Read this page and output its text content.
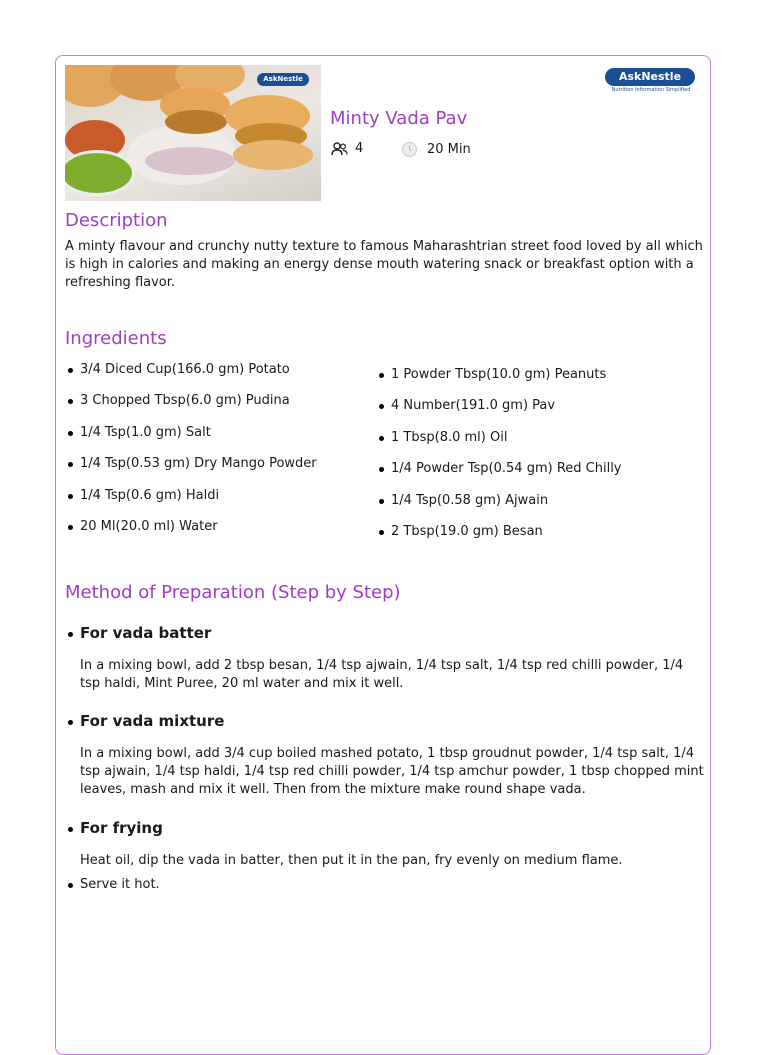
AskNestle	AskNestle
Nutrition Information Simplified
Minty Vada Pav
4	20 Min
Description
A minty flavour and crunchy nutty texture to famous Maharashtrian street food loved by all which is high in calories and making an energy dense mouth watering snack or breakfast option with a refreshing flavor.
Ingredients
3/4 Diced Cup(166.0 gm) Potato
3 Chopped Tbsp(6.0 gm) Pudina
1/4 Tsp(1.0 gm) Salt
1/4 Tsp(0.53 gm) Dry Mango Powder
1/4 Tsp(0.6 gm) Haldi
20 Ml(20.0 ml) Water
1 Powder Tbsp(10.0 gm) Peanuts
4 Number(191.0 gm) Pav
1 Tbsp(8.0 ml) Oil
1/4 Powder Tsp(0.54 gm) Red Chilly
1/4 Tsp(0.58 gm) Ajwain
2 Tbsp(19.0 gm) Besan
Method of Preparation (Step by Step)
For vada batter
In a mixing bowl, add 2 tbsp besan, 1/4 tsp ajwain, 1/4 tsp salt, 1/4 tsp red chilli powder, 1/4 tsp haldi, Mint Puree, 20 ml water and mix it well.
For vada mixture
In a mixing bowl, add 3/4 cup boiled mashed potato, 1 tbsp groudnut powder, 1/4 tsp salt, 1/4 tsp ajwain, 1/4 tsp haldi, 1/4 tsp red chilli powder, 1/4 tsp amchur powder, 1 tbsp chopped mint leaves, mash and mix it well. Then from the mixture make round shape vada.
For frying
Heat oil, dip the vada in batter, then put it in the pan, fry evenly on medium flame.
Serve it hot.
